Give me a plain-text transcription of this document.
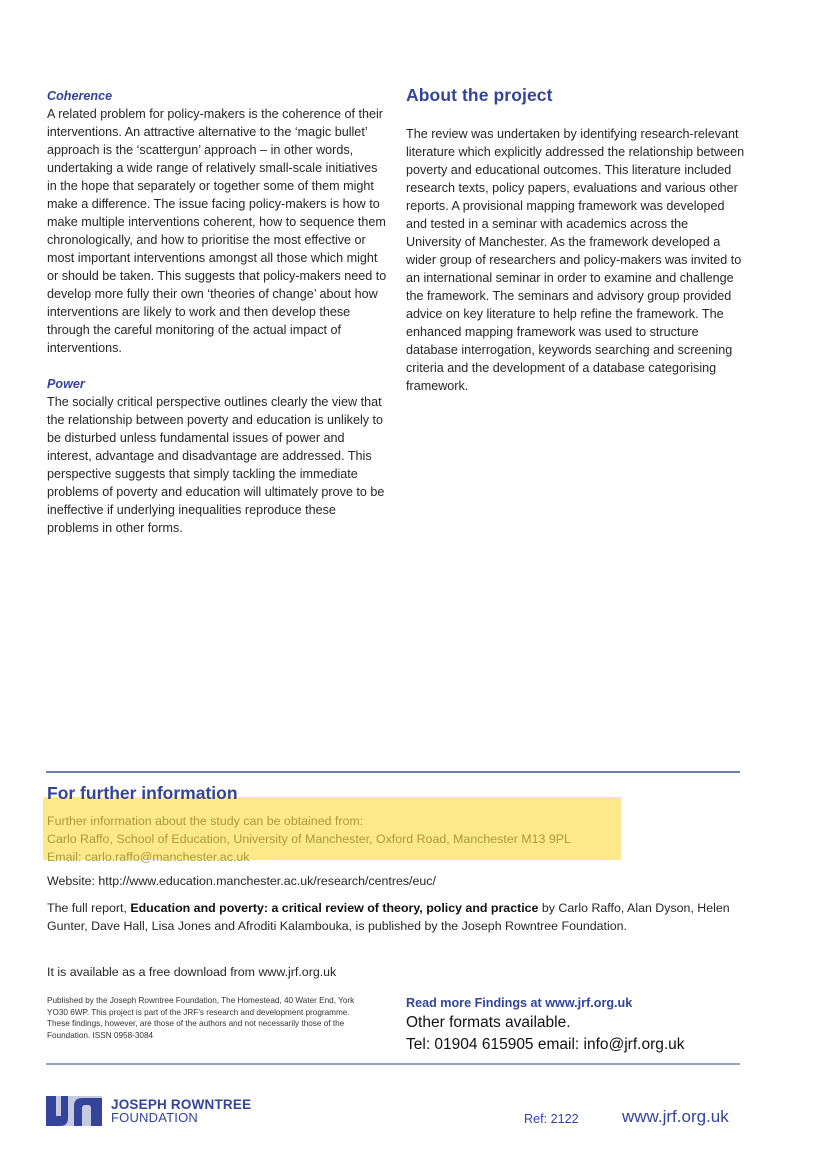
Coherence

A related problem for policy-makers is the coherence of their interventions. An attractive alternative to the ‘magic bullet’ approach is the ‘scattergun’ approach – in other words, undertaking a wide range of relatively small-scale initiatives in the hope that separately or together some of them might make a difference. The issue facing policy-makers is how to make multiple interventions coherent, how to sequence them chronologically, and how to prioritise the most effective or most important interventions amongst all those which might or should be taken. This suggests that policy-makers need to develop more fully their own ‘theories of change’ about how interventions are likely to work and then develop these through the careful monitoring of the actual impact of interventions.

Power

The socially critical perspective outlines clearly the view that the relationship between poverty and education is unlikely to be disturbed unless fundamental issues of power and interest, advantage and disadvantage are addressed. This perspective suggests that simply tackling the immediate problems of poverty and education will ultimately prove to be ineffective if underlying inequalities reproduce these problems in other forms.

About the project

The review was undertaken by identifying research-relevant literature which explicitly addressed the relationship between poverty and educational outcomes. This literature included research texts, policy papers, evaluations and various other reports. A provisional mapping framework was developed and tested in a seminar with academics across the University of Manchester. As the framework developed a wider group of researchers and policy-makers was invited to an international seminar in order to examine and challenge the framework. The seminars and advisory group provided advice on key literature to help refine the framework. The enhanced mapping framework was used to structure database interrogation, keywords searching and screening criteria and the development of a database categorising framework.

For further information
Further information about the study can be obtained from:
Carlo Raffo, School of Education, University of Manchester, Oxford Road, Manchester M13 9PL
Email: carlo.raffo@manchester.ac.uk
Website: http://www.education.manchester.ac.uk/research/centres/euc/
The full report, Education and poverty: a critical review of theory, policy and practice by Carlo Raffo, Alan Dyson, Helen Gunter, Dave Hall, Lisa Jones and Afroditi Kalambouka, is published by the Joseph Rowntree Foundation.
It is available as a free download from www.jrf.org.uk
Published by the Joseph Rowntree Foundation, The Homestead, 40 Water End, York YO30 6WP. This project is part of the JRF’s research and development programme. These findings, however, are those of the authors and not necessarily those of the Foundation. ISSN 0958-3084
Read more Findings at www.jrf.org.uk
Other formats available.
Tel: 01904 615905 email: info@jrf.org.uk
JOSEPH ROWNTREE
FOUNDATION	Ref: 2122	www.jrf.org.uk
